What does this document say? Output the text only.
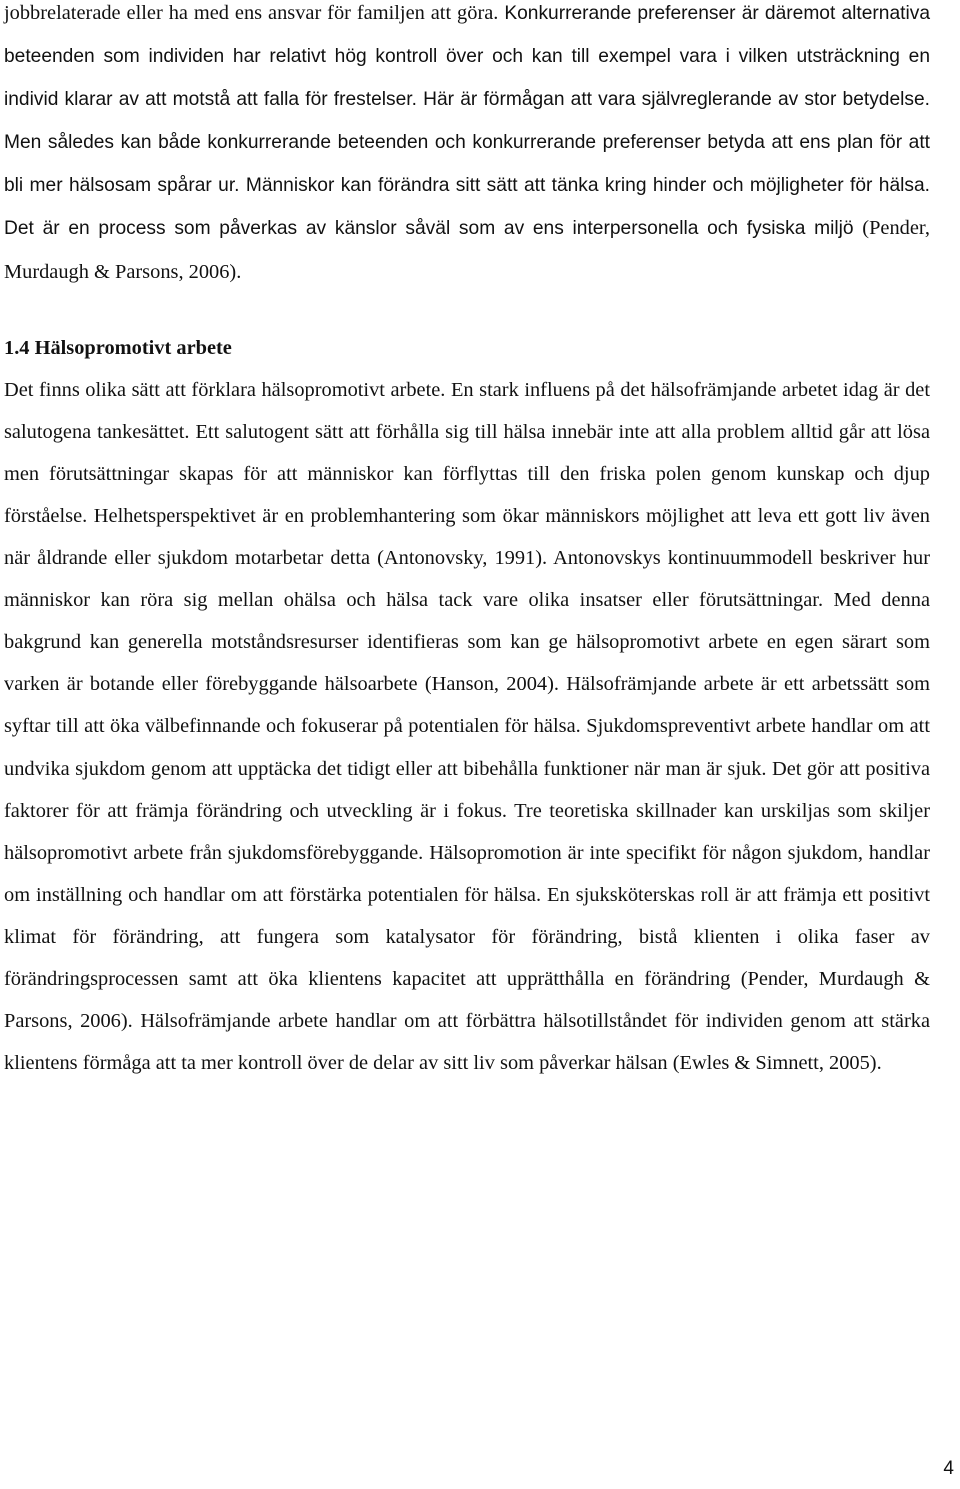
jobbrelaterade eller ha med ens ansvar för familjen att göra. Konkurrerande preferenser är däremot alternativa beteenden som individen har relativt hög kontroll över och kan till exempel vara i vilken utsträckning en individ klarar av att motstå att falla för frestelser. Här är förmågan att vara självreglerande av stor betydelse. Men således kan både konkurrerande beteenden och konkurrerande preferenser betyda att ens plan för att bli mer hälsosam spårar ur. Människor kan förändra sitt sätt att tänka kring hinder och möjligheter för hälsa. Det är en process som påverkas av känslor såväl som av ens interpersonella och fysiska miljö (Pender, Murdaugh & Parsons, 2006).

1.4 Hälsopromotivt arbete

Det finns olika sätt att förklara hälsopromotivt arbete. En stark influens på det hälsofrämjande arbetet idag är det salutogena tankesättet. Ett salutogent sätt att förhålla sig till hälsa innebär inte att alla problem alltid går att lösa men förutsättningar skapas för att människor kan förflyttas till den friska polen genom kunskap och djup förståelse. Helhetsperspektivet är en problemhantering som ökar människors möjlighet att leva ett gott liv även när åldrande eller sjukdom motarbetar detta (Antonovsky, 1991). Antonovskys kontinuummodell beskriver hur människor kan röra sig mellan ohälsa och hälsa tack vare olika insatser eller förutsättningar. Med denna bakgrund kan generella motståndsresurser identifieras som kan ge hälsopromotivt arbete en egen särart som varken är botande eller förebyggande hälsoarbete (Hanson, 2004). Hälsofrämjande arbete är ett arbetssätt som syftar till att öka välbefinnande och fokuserar på potentialen för hälsa. Sjukdomspreventivt arbete handlar om att undvika sjukdom genom att upptäcka det tidigt eller att bibehålla funktioner när man är sjuk. Det gör att positiva faktorer för att främja förändring och utveckling är i fokus. Tre teoretiska skillnader kan urskiljas som skiljer hälsopromotivt arbete från sjukdomsförebyggande. Hälsopromotion är inte specifikt för någon sjukdom, handlar om inställning och handlar om att förstärka potentialen för hälsa. En sjuksköterskas roll är att främja ett positivt klimat för förändring, att fungera som katalysator för förändring, bistå klienten i olika faser av förändringsprocessen samt att öka klientens kapacitet att upprätthålla en förändring (Pender, Murdaugh & Parsons, 2006). Hälsofrämjande arbete handlar om att förbättra hälsotillståndet för individen genom att stärka klientens förmåga att ta mer kontroll över de delar av sitt liv som påverkar hälsan (Ewles & Simnett, 2005).

4
